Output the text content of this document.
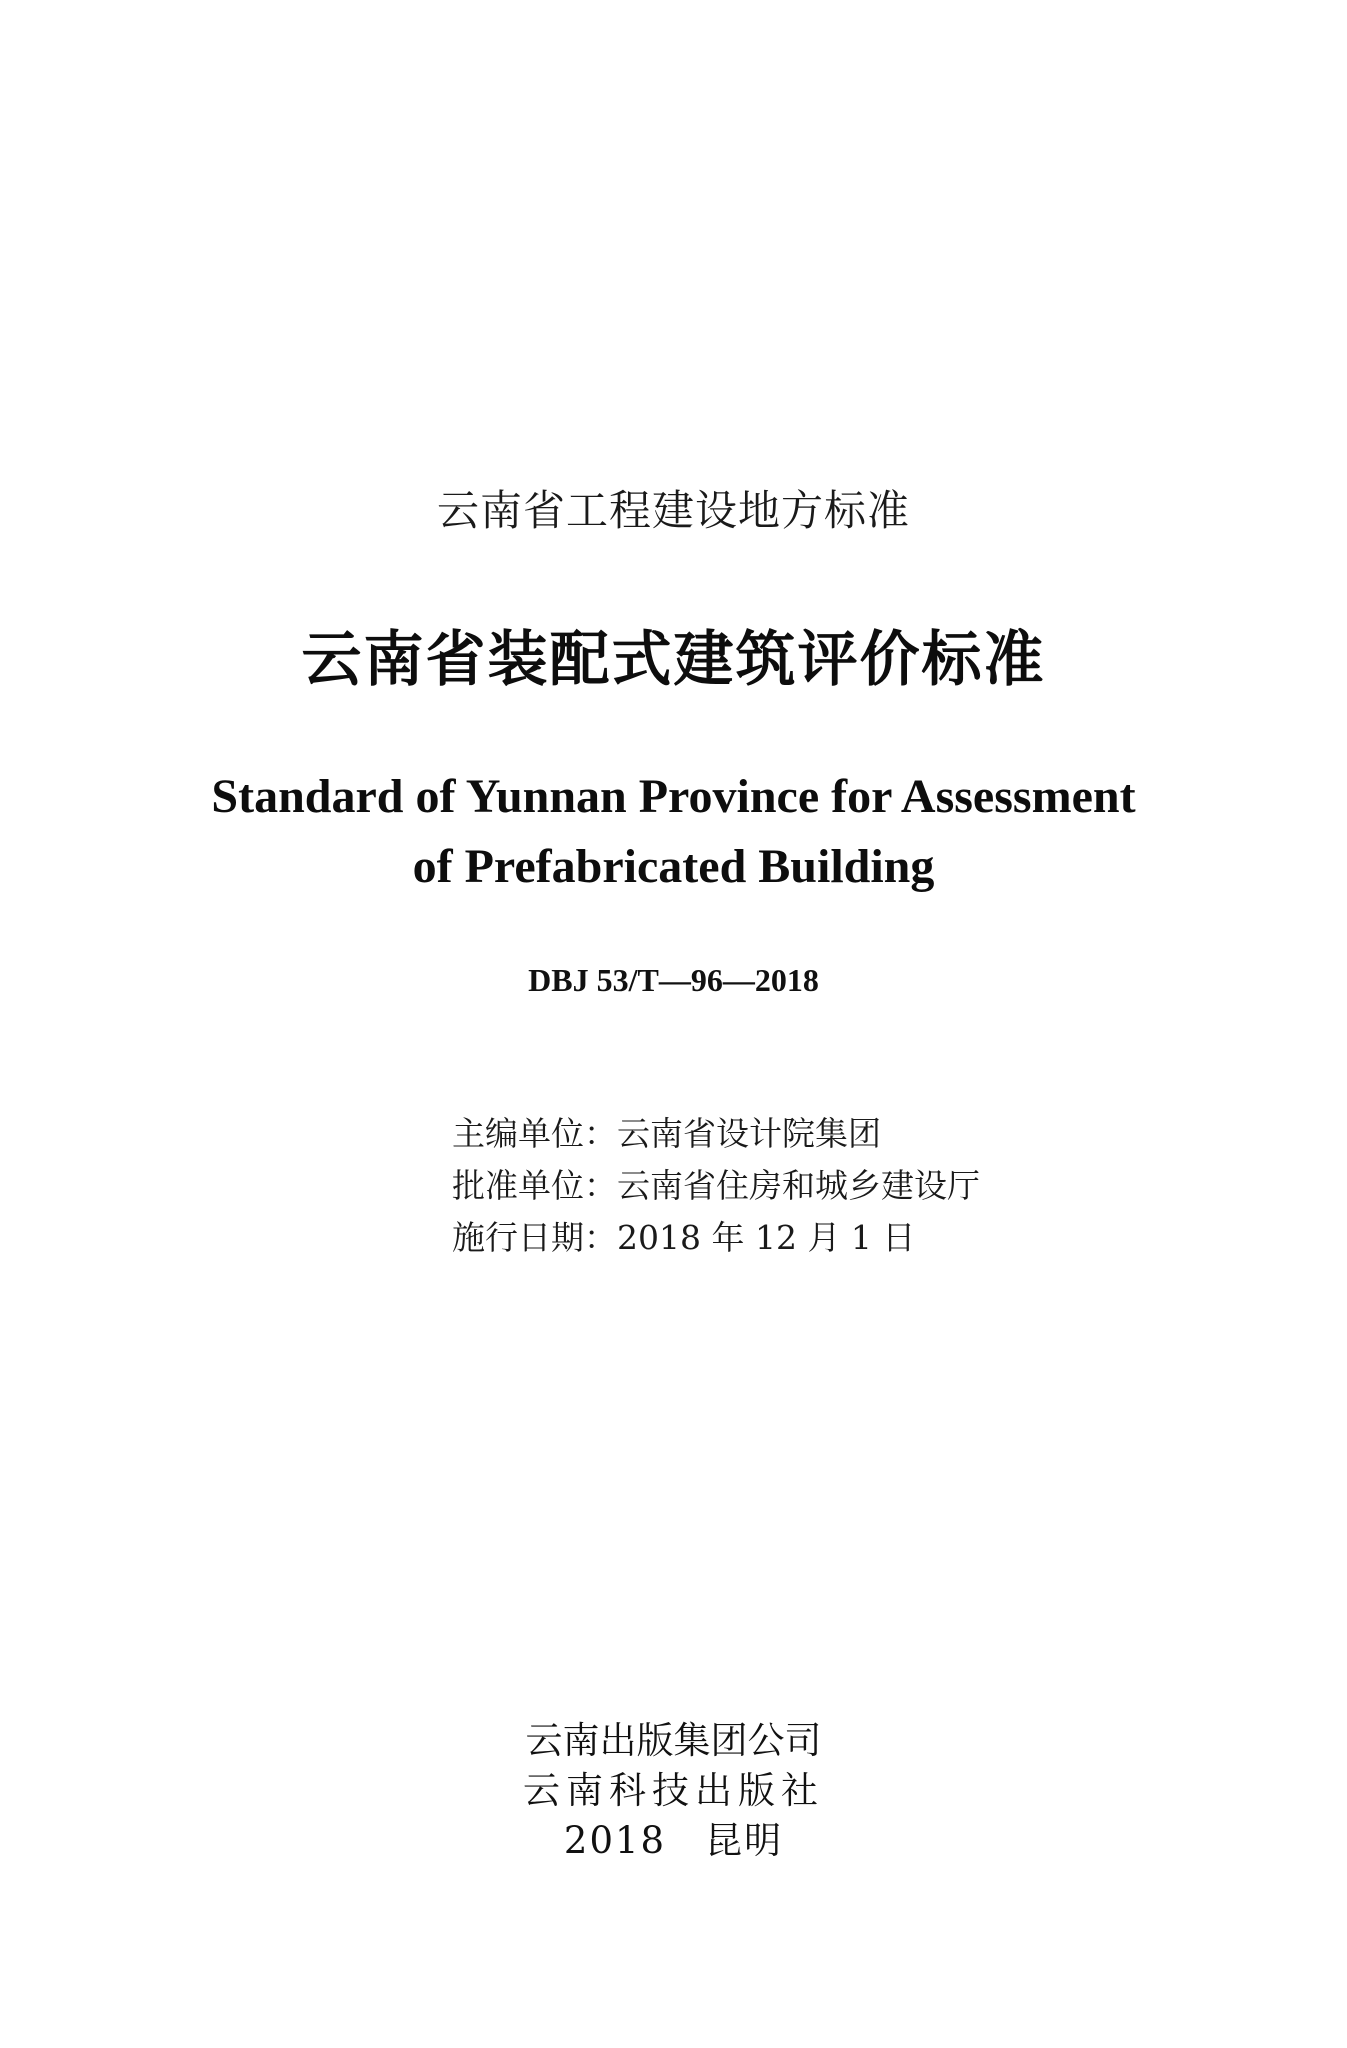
云南省工程建设地方标准
云南省装配式建筑评价标准
Standard of Yunnan Province for Assessment
of Prefabricated Building
DBJ 53/T—96—2018
主编单位：云南省设计院集团
批准单位：云南省住房和城乡建设厅
施行日期：2018 年 12 月 1 日
云南出版集团公司
云南科技出版社
2018　昆明
